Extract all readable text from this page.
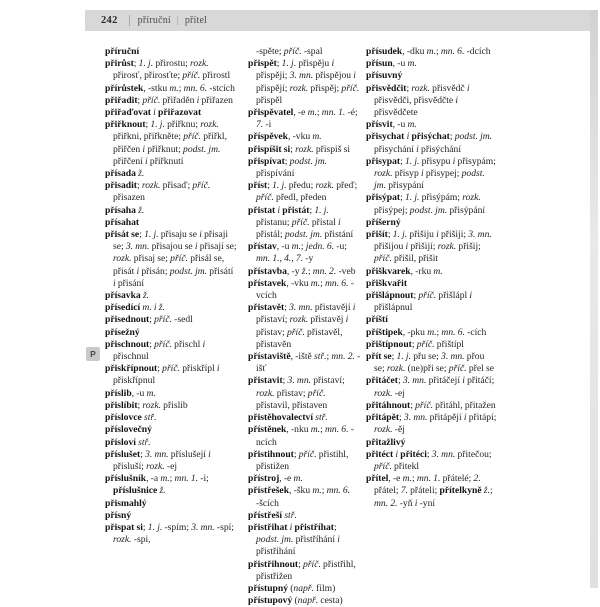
242 příruční | přítel
P
příruční
přirůst; 1. j. přirostu; rozk. přirosť, přirosťte; příč. přirostl
přírůstek, -stku m.; mn. 6. -stcích
přiřadit; příč. přiřaděn i přiřazen
přiřaďovat i přiřazovat
přiřknout; 1. j. přiřknu; rozk. přiřkni, přiřkněte; příč. přiřkl, přiřčen i přiřknut; podst. jm. přiřčení i přiřknutí
přísada ž.
přisadit; rozk. přisaď; příč. přisazen
přísaha ž.
přísahat
přisát se; 1. j. přisaju se i přisaji se; 3. mn. přisajou se i přisají se; rozk. přisaj se; příč. přisál se, přisát i přisán; podst. jm. přisátí i přisání
přísavka ž.
přísedící m. i ž.
přisednout; příč. -sedl
přísežný
přischnout; příč. přischl i přischnul
přiskřípnout; příč. přiskřípl i přiskřípnul
příslib, -u m.
přislíbit; rozk. přislib
příslovce stř.
příslovečný
přísloví stř.
příslušet; 3. mn. příslušejí i přísluší; rozk. -ej
příslušník, -a m.; mn. 1. -i; příslušnice ž.
přismahlý
přísný
přispat si; 1. j. -spím; 3. mn. -spí; rozk. -spi,
-spěte; příč. -spal
přispět; 1. j. přispěju i přispěji; 3. mn. přispějou i přispějí; rozk. přispěj; příč. přispěl
přispěvatel, -e m.; mn. 1. -é; 7. -i
příspěvek, -vku m.
přispíšit si; rozk. přispiš si
přispívat; podst. jm. přispívání
příst; 1. j. předu; rozk. přeď; příč. předl, předen
přistat i přistát; 1. j. přistanu; příč. přistal i přistál; podst. jm. přistání
přístav, -u m.; jedn. 6. -u; mn. 1., 4., 7. -y
přístavba, -y ž.; mn. 2. -veb
přístavek, -vku m.; mn. 6. -vcích
přistavět; 3. mn. přistavějí i přistaví; rozk. přistavěj i přistav; příč. přistavěl, přistavěn
přístaviště, -iště stř.; mn. 2. -išť
přistavit; 3. mn. přistaví; rozk. přistav; příč. přistavil, přistaven
přistěhovalectví stř.
přístěnek, -nku m.; mn. 6. -ncích
přistihnout; příč. přistihl, přistižen
přístroj, -e m.
přístřešek, -šku m.; mn. 6. -šcích
přístřeší stř.
přistřihat i přistříhat; podst. jm. přistříhání i přistřihání
přistřihnout; příč. přistřihl, přistřižen
přístupný (např. film)
přístupový (např. cesta)
přísudek, -dku m.; mn. 6. -dcích
přísun, -u m.
přísuvný
přisvědčit; rozk. přisvědč i přisvědči, přisvědčte i přisvědčete
přísvit, -u m.
přisychat i přisýchat; podst. jm. přisychání i přisýchání
přisypat; 1. j. přisypu i přisypám; rozk. přisyp i přisypej; podst. jm. přisypání
přisýpat; 1. j. přisýpám; rozk. přisýpej; podst. jm. přisýpání
příšerný
přišít; 1. j. přišiju i přišiji; 3. mn. přišijou i přišijí; rozk. přišij; příč. přišil, přišit
přiškvarek, -rku m.
přiškvařit
přišlápnout; příč. přišlápl i přišlápnul
příští
příštipek, -pku m.; mn. 6. -cích
přištípnout; příč. přištípl
přít se; 1. j. přu se; 3. mn. přou se; rozk. (ne)při se; příč. přel se
přitáčet; 3. mn. přitáčejí i přitáčí; rozk. -ej
přitáhnout; příč. přitáhl, přitažen
přitápět; 3. mn. přitápějí i přitápí; rozk. -ěj
přitažlivý
přitéct i přitéci; 3. mn. přitečou; příč. přitekl
přítel, -e m.; mn. 1. přátelé; 2. přátel; 7. přáteli; přítelkyně ž.; mn. 2. -yň i -yní
